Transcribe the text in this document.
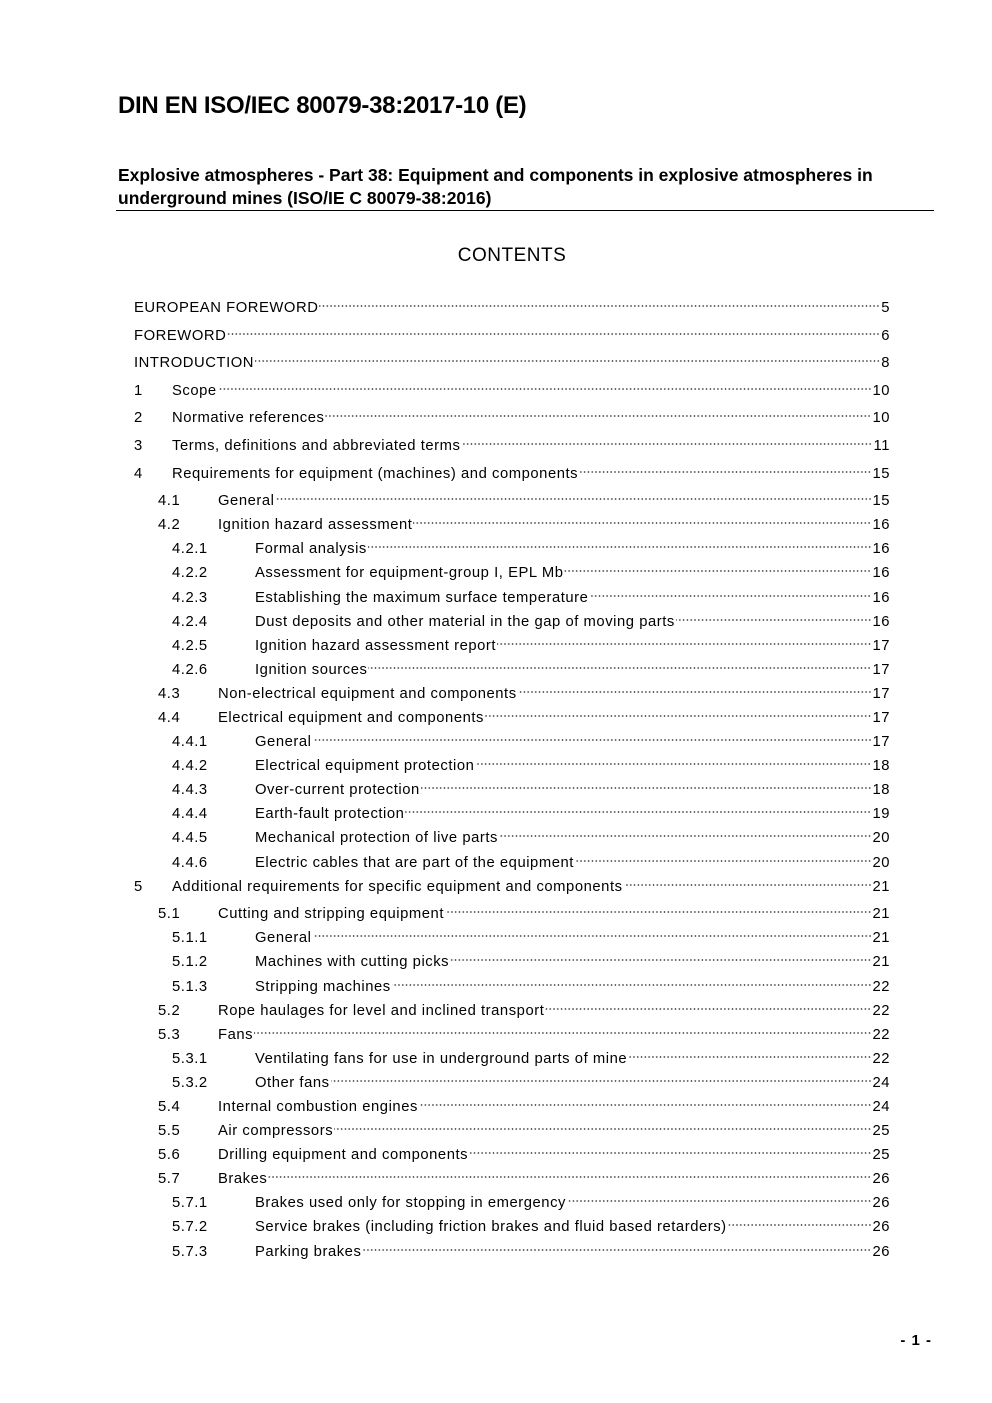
DIN EN ISO/IEC 80079-38:2017-10 (E)
Explosive atmospheres - Part 38: Equipment and components in explosive atmospheres in underground mines (ISO/IE C 80079-38:2016)
CONTENTS
EUROPEAN FOREWORD	5
FOREWORD	6
INTRODUCTION	8
1	Scope	10
2	Normative references	10
3	Terms, definitions and abbreviated terms	11
4	Requirements for equipment (machines) and components	15
4.1	General	15
4.2	Ignition hazard assessment	16
4.2.1	Formal analysis	16
4.2.2	Assessment for equipment-group I, EPL Mb	16
4.2.3	Establishing the maximum surface temperature	16
4.2.4	Dust deposits and other material in the gap of moving parts	16
4.2.5	Ignition hazard assessment report	17
4.2.6	Ignition sources	17
4.3	Non-electrical equipment and components	17
4.4	Electrical equipment and components	17
4.4.1	General	17
4.4.2	Electrical equipment protection	18
4.4.3	Over-current protection	18
4.4.4	Earth-fault protection	19
4.4.5	Mechanical protection of live parts	20
4.4.6	Electric cables that are part of the equipment	20
5	Additional requirements for specific equipment and components	21
5.1	Cutting and stripping equipment	21
5.1.1	General	21
5.1.2	Machines with cutting picks	21
5.1.3	Stripping machines	22
5.2	Rope haulages for level and inclined transport	22
5.3	Fans	22
5.3.1	Ventilating fans for use in underground parts of mine	22
5.3.2	Other fans	24
5.4	Internal combustion engines	24
5.5	Air compressors	25
5.6	Drilling equipment and components	25
5.7	Brakes	26
5.7.1	Brakes used only for stopping in emergency	26
5.7.2	Service brakes (including friction brakes and fluid based retarders)	26
5.7.3	Parking brakes	26
- 1 -
